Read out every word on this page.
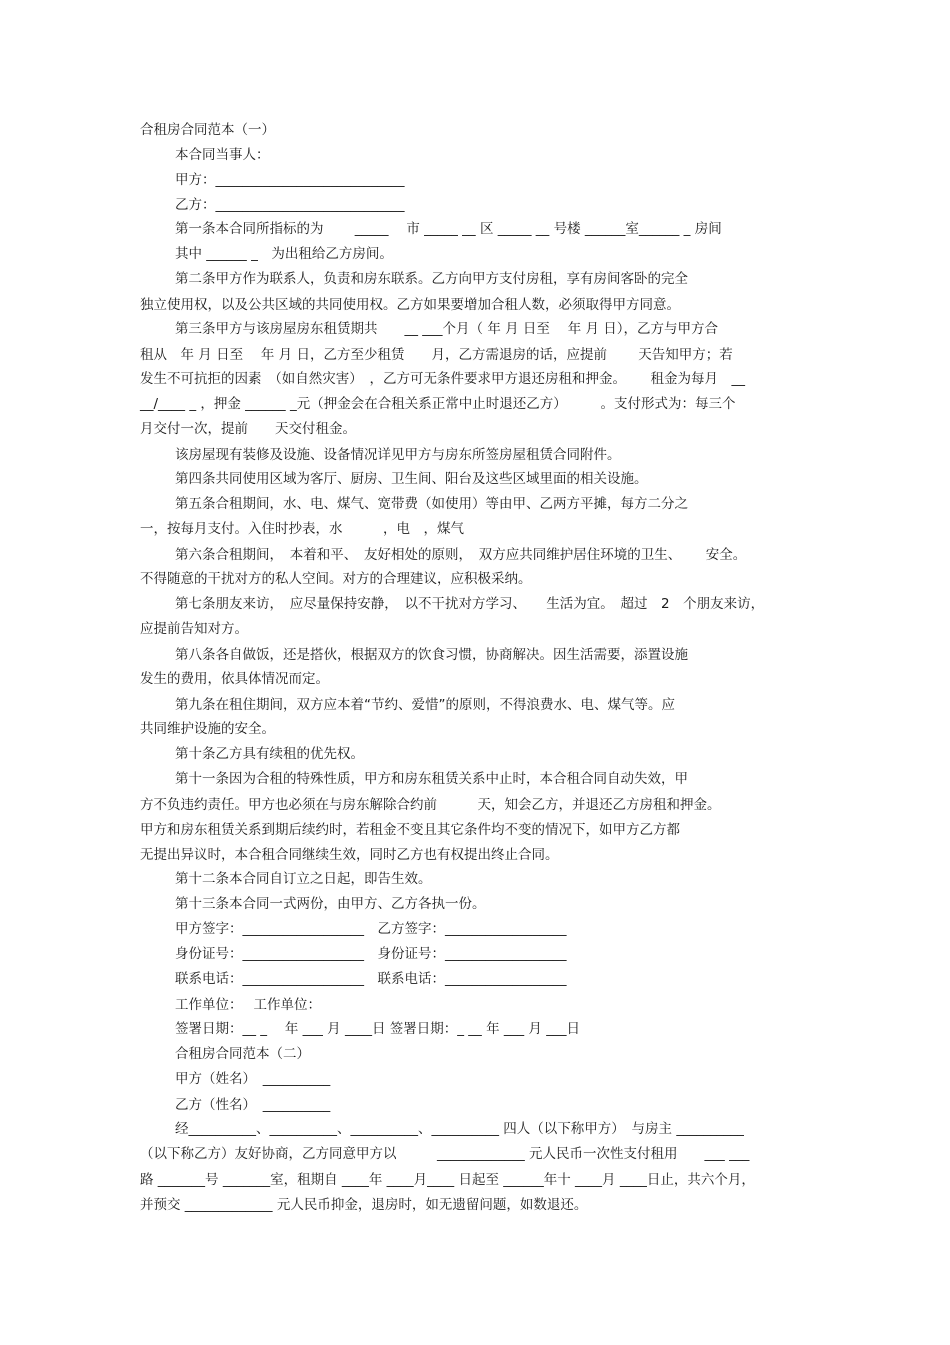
合租房合同范本（一）
本合同当事人：
甲方：____________________________
乙方：____________________________
第一条本合同所指标的为　　 _____　 市 _____ __ 区 _____ __ 号楼 ______室______ _ 房间
其中 ______ _　为出租给乙方房间。
第二条甲方作为联系人，负责和房东联系。乙方向甲方支付房租，享有房间客卧的完全
独立使用权，以及公共区域的共同使用权。乙方如果要增加合租人数，必须取得甲方同意。
第三条甲方与该房屋房东租赁期共　　__ ___个月（ 年 月 日至　 年 月 日），乙方与甲方合
租从　年 月 日至　 年 月 日，乙方至少租赁　　月，乙方需退房的话，应提前　　 天告知甲方；若
发生不可抗拒的因素　（如自然灾害）　，乙方可无条件要求甲方退还房租和押金。　　 租金为每月　__
__/____ _ ，押金 ______ _元（押金会在合租关系正常中止时退还乙方）　　　。支付形式为：每三个
月交付一次，提前　　天交付租金。
该房屋现有装修及设施、设备情况详见甲方与房东所签房屋租赁合同附件。
第四条共同使用区域为客厅、厨房、卫生间、阳台及这些区域里面的相关设施。
第五条合租期间，水、电、煤气、宽带费（如使用）等由甲、乙两方平摊，每方二分之
一，按每月支付。入住时抄表，水　　　，电　，煤气
第六条合租期间，　本着和平、　友好相处的原则，　双方应共同维护居住环境的卫生、　　 安全。
不得随意的干扰对方的私人空间。对方的合理建议，应积极采纳。
第七条朋友来访，　应尽量保持安静，　以不干扰对方学习、　　生活为宜。　超过　2　个朋友来访，
应提前告知对方。
第八条各自做饭，还是搭伙，根据双方的饮食习惯，协商解决。因生活需要，添置设施
发生的费用，依具体情况而定。
第九条在租住期间，双方应本着“节约、爱惜”的原则，不得浪费水、电、煤气等。应
共同维护设施的安全。
第十条乙方具有续租的优先权。
第十一条因为合租的特殊性质，甲方和房东租赁关系中止时，本合租合同自动失效，甲
方不负违约责任。甲方也必须在与房东解除合约前　　　天，知会乙方，并退还乙方房租和押金。
甲方和房东租赁关系到期后续约时，若租金不变且其它条件均不变的情况下，如甲方乙方都
无提出异议时，本合租合同继续生效，同时乙方也有权提出终止合同。
第十二条本合同自订立之日起，即告生效。
第十三条本合同一式两份，由甲方、乙方各执一份。
甲方签字：__________________　乙方签字：__________________
身份证号：__________________　身份证号：__________________
联系电话：__________________　联系电话：__________________
工作单位：　 工作单位：
签署日期：__ _　 年 ___ 月 ____日 签署日期：_ __ 年 ___ 月 ___日
合租房合同范本（二）
甲方（姓名）　__________
乙方（性名）　__________
经__________、__________、__________、__________ 四人（以下称甲方）　与房主 __________
（以下称乙方）友好协商，乙方同意甲方以　　　_____________ 元人民币一次性支付租用　　___ ___
路 _______号 _______室，租期自 ____年 ____月____ 日起至 ______年十 ____月 ____日止，共六个月，
并预交 _____________ 元人民币抑金，退房时，如无遗留问题，如数退还。
